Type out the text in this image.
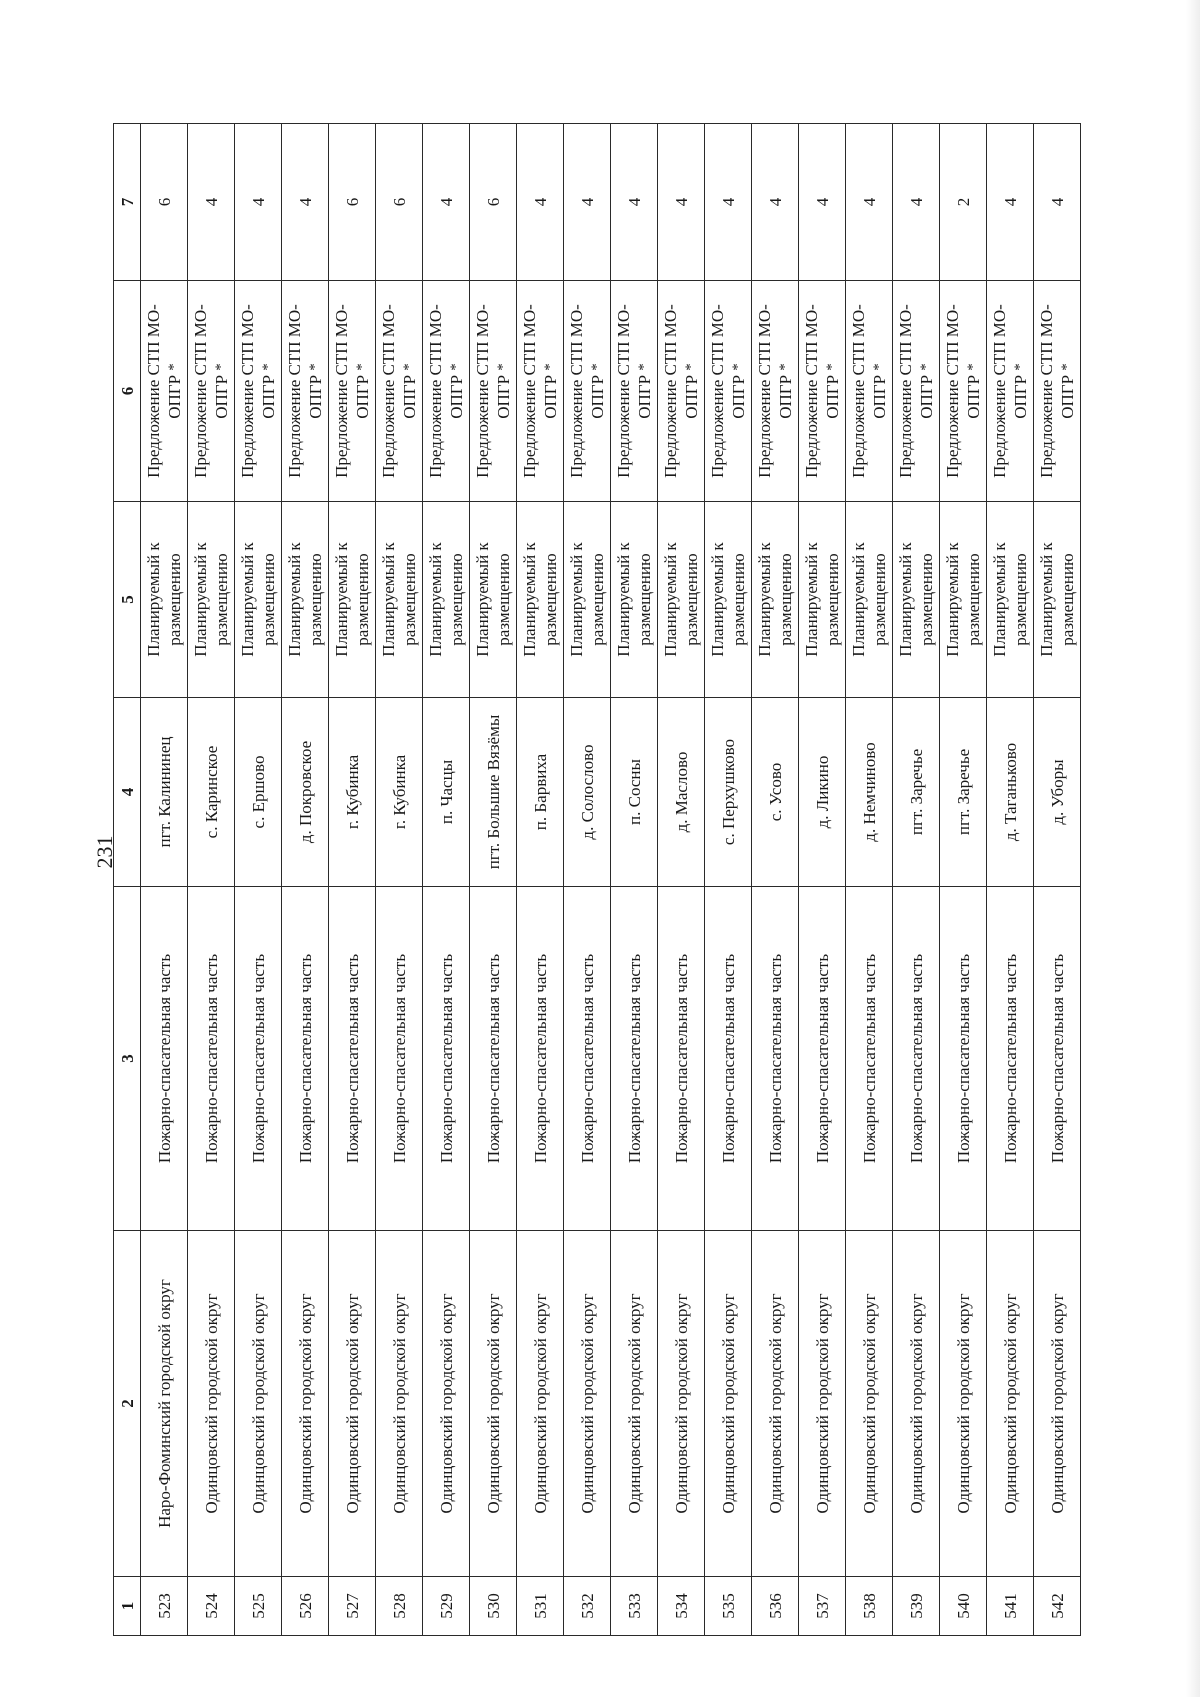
231
1	2	3	4	5	6	7
523	Наро-Фоминский городской округ	Пожарно-спасательная часть	пгт. Калининец	Планируемый к размещению	Предложение СТП МО-ОПГР *	6
524	Одинцовский городской округ	Пожарно-спасательная часть	с. Каринское	Планируемый к размещению	Предложение СТП МО-ОПГР *	4
525	Одинцовский городской округ	Пожарно-спасательная часть	с. Ершово	Планируемый к размещению	Предложение СТП МО-ОПГР *	4
526	Одинцовский городской округ	Пожарно-спасательная часть	д. Покровское	Планируемый к размещению	Предложение СТП МО-ОПГР *	4
527	Одинцовский городской округ	Пожарно-спасательная часть	г. Кубинка	Планируемый к размещению	Предложение СТП МО-ОПГР *	6
528	Одинцовский городской округ	Пожарно-спасательная часть	г. Кубинка	Планируемый к размещению	Предложение СТП МО-ОПГР *	6
529	Одинцовский городской округ	Пожарно-спасательная часть	п. Часцы	Планируемый к размещению	Предложение СТП МО-ОПГР *	4
530	Одинцовский городской округ	Пожарно-спасательная часть	пгт. Большие Вязёмы	Планируемый к размещению	Предложение СТП МО-ОПГР *	6
531	Одинцовский городской округ	Пожарно-спасательная часть	п. Барвиха	Планируемый к размещению	Предложение СТП МО-ОПГР *	4
532	Одинцовский городской округ	Пожарно-спасательная часть	д. Солослово	Планируемый к размещению	Предложение СТП МО-ОПГР *	4
533	Одинцовский городской округ	Пожарно-спасательная часть	п. Сосны	Планируемый к размещению	Предложение СТП МО-ОПГР *	4
534	Одинцовский городской округ	Пожарно-спасательная часть	д. Маслово	Планируемый к размещению	Предложение СТП МО-ОПГР *	4
535	Одинцовский городской округ	Пожарно-спасательная часть	с. Перхушково	Планируемый к размещению	Предложение СТП МО-ОПГР *	4
536	Одинцовский городской округ	Пожарно-спасательная часть	с. Усово	Планируемый к размещению	Предложение СТП МО-ОПГР *	4
537	Одинцовский городской округ	Пожарно-спасательная часть	д. Ликино	Планируемый к размещению	Предложение СТП МО-ОПГР *	4
538	Одинцовский городской округ	Пожарно-спасательная часть	д. Немчиново	Планируемый к размещению	Предложение СТП МО-ОПГР *	4
539	Одинцовский городской округ	Пожарно-спасательная часть	пгт. Заречье	Планируемый к размещению	Предложение СТП МО-ОПГР *	4
540	Одинцовский городской округ	Пожарно-спасательная часть	пгт. Заречье	Планируемый к размещению	Предложение СТП МО-ОПГР *	2
541	Одинцовский городской округ	Пожарно-спасательная часть	д. Таганьково	Планируемый к размещению	Предложение СТП МО-ОПГР *	4
542	Одинцовский городской округ	Пожарно-спасательная часть	д. Уборы	Планируемый к размещению	Предложение СТП МО-ОПГР *	4
